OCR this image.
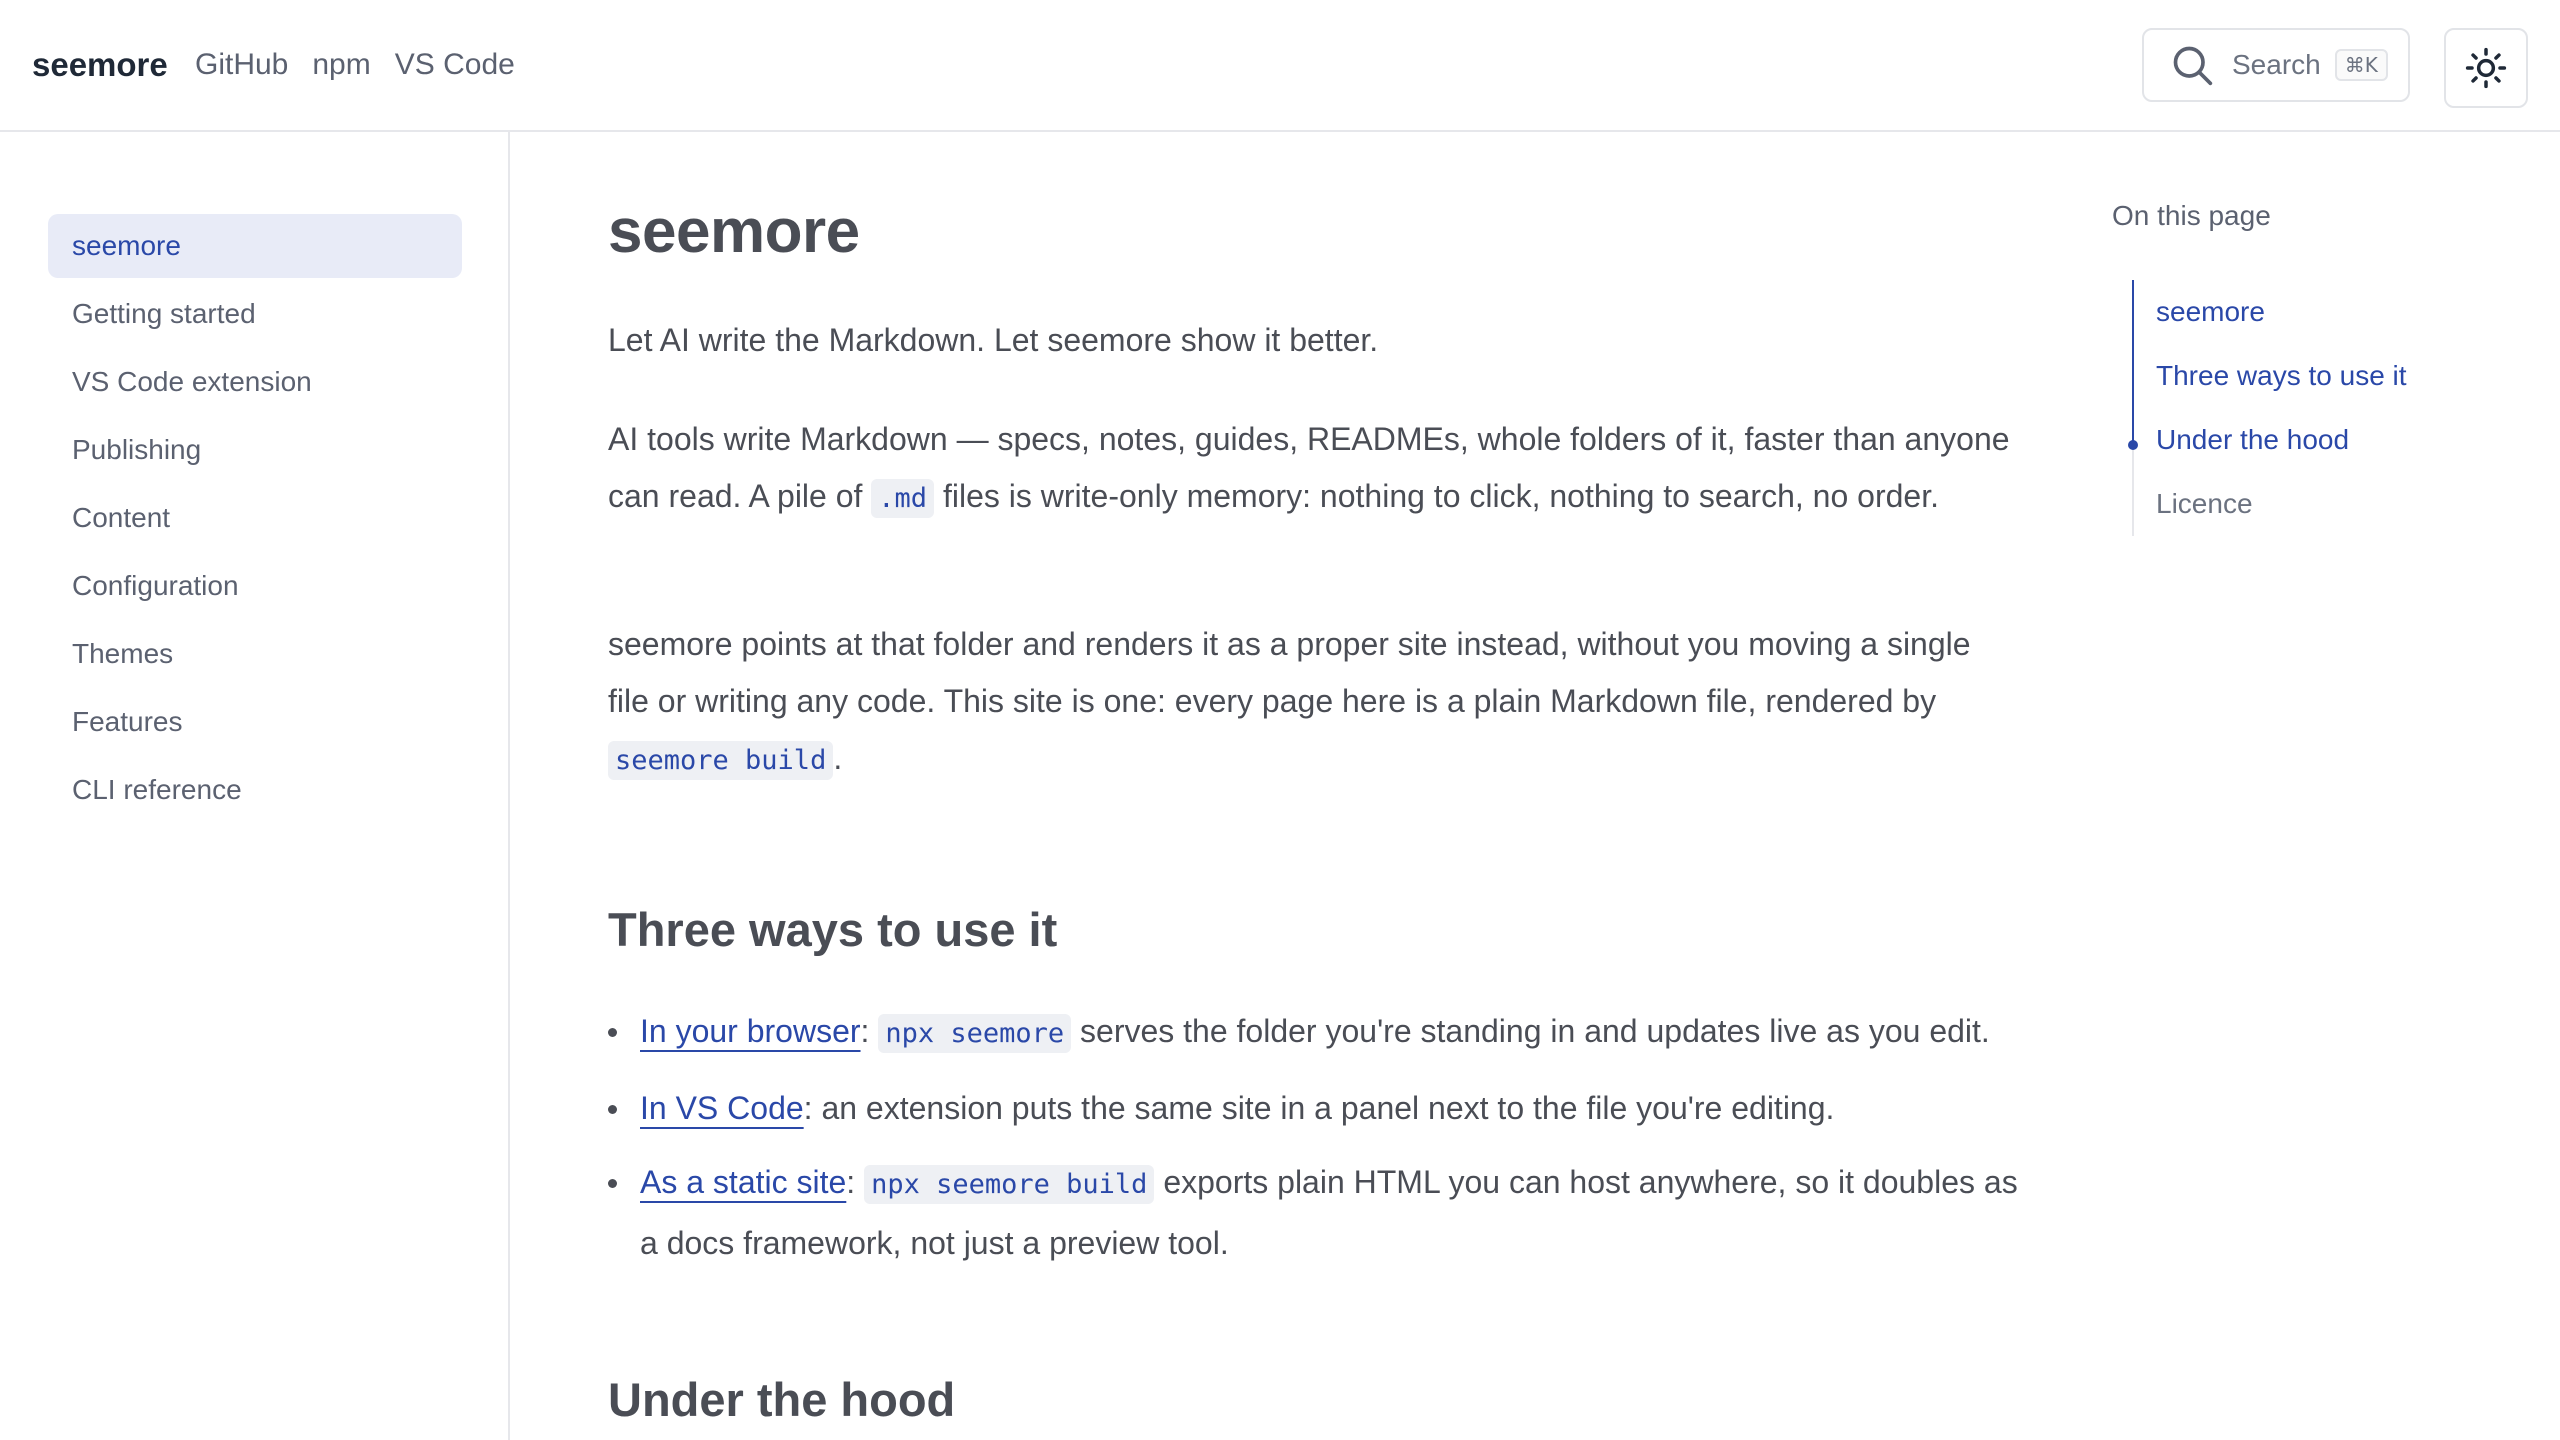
seemore GitHub npm VS Code	Search	⌘K
seemore
Getting started
VS Code extension
Publishing
Content
Configuration
Themes
Features
CLI reference
seemore

Let AI write the Markdown. Let seemore show it better.

AI tools write Markdown — specs, notes, guides, READMEs, whole folders of it, faster than anyone can read. A pile of .md files is write-only memory: nothing to click, nothing to search, no order.

seemore points at that folder and renders it as a proper site instead, without you moving a single file or writing any code. This site is one: every page here is a plain Markdown file, rendered by seemore build .

Three ways to use it
In your browser: npx seemore serves the folder you're standing in and updates live as you edit.
In VS Code: an extension puts the same site in a panel next to the file you're editing.
As a static site: npx seemore build exports plain HTML you can host anywhere, so it doubles as a docs framework, not just a preview tool.
Under the hood

On this page

seemore
Three ways to use it
Under the hood
Licence
